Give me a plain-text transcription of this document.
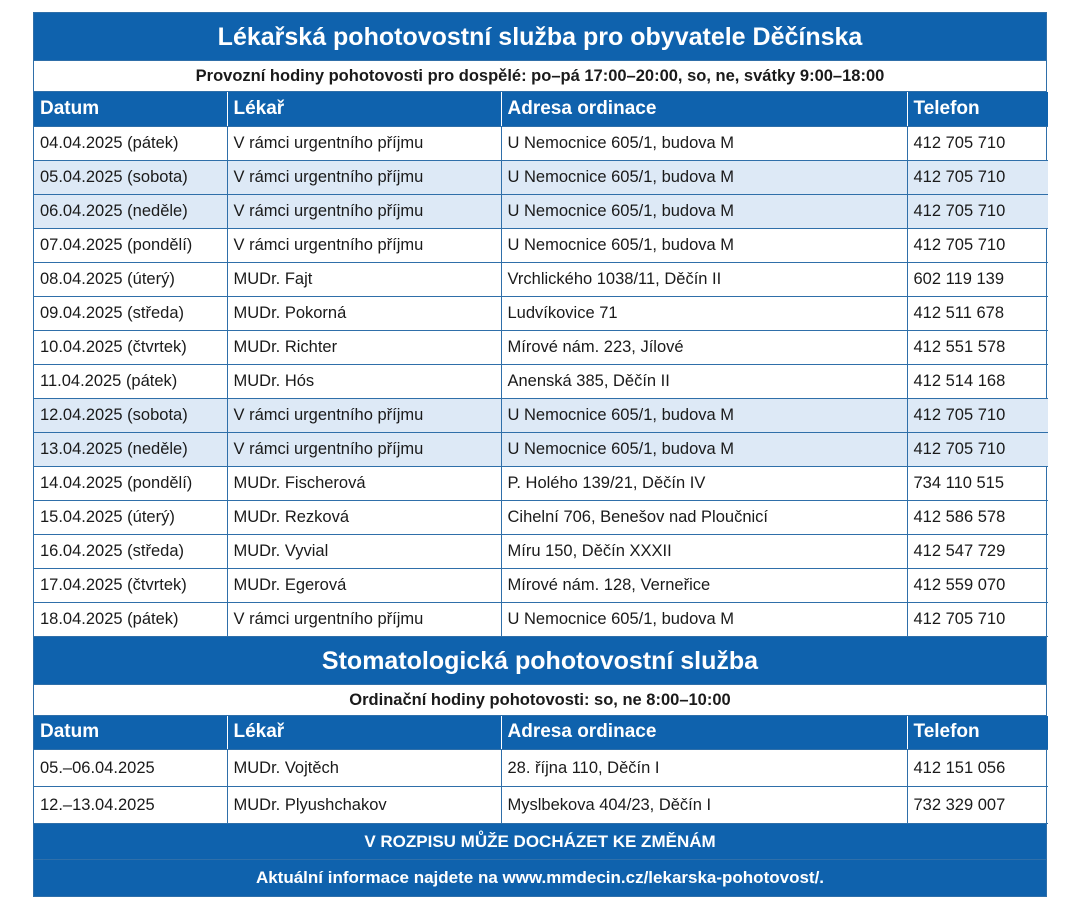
Lékařská pohotovostní služba pro obyvatele Děčínska
Provozní hodiny pohotovosti pro dospělé: po–pá 17:00–20:00, so, ne, svátky 9:00–18:00
Datum	Lékař	Adresa ordinace	Telefon
04.04.2025 (pátek)	V rámci urgentního příjmu	U Nemocnice 605/1, budova M	412 705 710
05.04.2025 (sobota)	V rámci urgentního příjmu	U Nemocnice 605/1, budova M	412 705 710
06.04.2025 (neděle)	V rámci urgentního příjmu	U Nemocnice 605/1, budova M	412 705 710
07.04.2025 (pondělí)	V rámci urgentního příjmu	U Nemocnice 605/1, budova M	412 705 710
08.04.2025 (úterý)	MUDr. Fajt	Vrchlického 1038/11, Děčín II	602 119 139
09.04.2025 (středa)	MUDr. Pokorná	Ludvíkovice 71	412 511 678
10.04.2025 (čtvrtek)	MUDr. Richter	Mírové nám. 223, Jílové	412 551 578
11.04.2025 (pátek)	MUDr. Hós	Anenská 385, Děčín II	412 514 168
12.04.2025 (sobota)	V rámci urgentního příjmu	U Nemocnice 605/1, budova M	412 705 710
13.04.2025 (neděle)	V rámci urgentního příjmu	U Nemocnice 605/1, budova M	412 705 710
14.04.2025 (pondělí)	MUDr. Fischerová	P. Holého 139/21, Děčín IV	734 110 515
15.04.2025 (úterý)	MUDr. Rezková	Cihelní 706, Benešov nad Ploučnicí	412 586 578
16.04.2025 (středa)	MUDr. Vyvial	Míru 150, Děčín XXXII	412 547 729
17.04.2025 (čtvrtek)	MUDr. Egerová	Mírové nám. 128, Verneřice	412 559 070
18.04.2025 (pátek)	V rámci urgentního příjmu	U Nemocnice 605/1, budova M	412 705 710
Stomatologická pohotovostní služba
Ordinační hodiny pohotovosti: so, ne 8:00–10:00
Datum	Lékař	Adresa ordinace	Telefon
05.–06.04.2025	MUDr. Vojtěch	28. října 110, Děčín I	412 151 056
12.–13.04.2025	MUDr. Plyushchakov	Myslbekova 404/23, Děčín I	732 329 007
V ROZPISU MŮŽE DOCHÁZET KE ZMĚNÁM
Aktuální informace najdete na www.mmdecin.cz/lekarska-pohotovost/.
